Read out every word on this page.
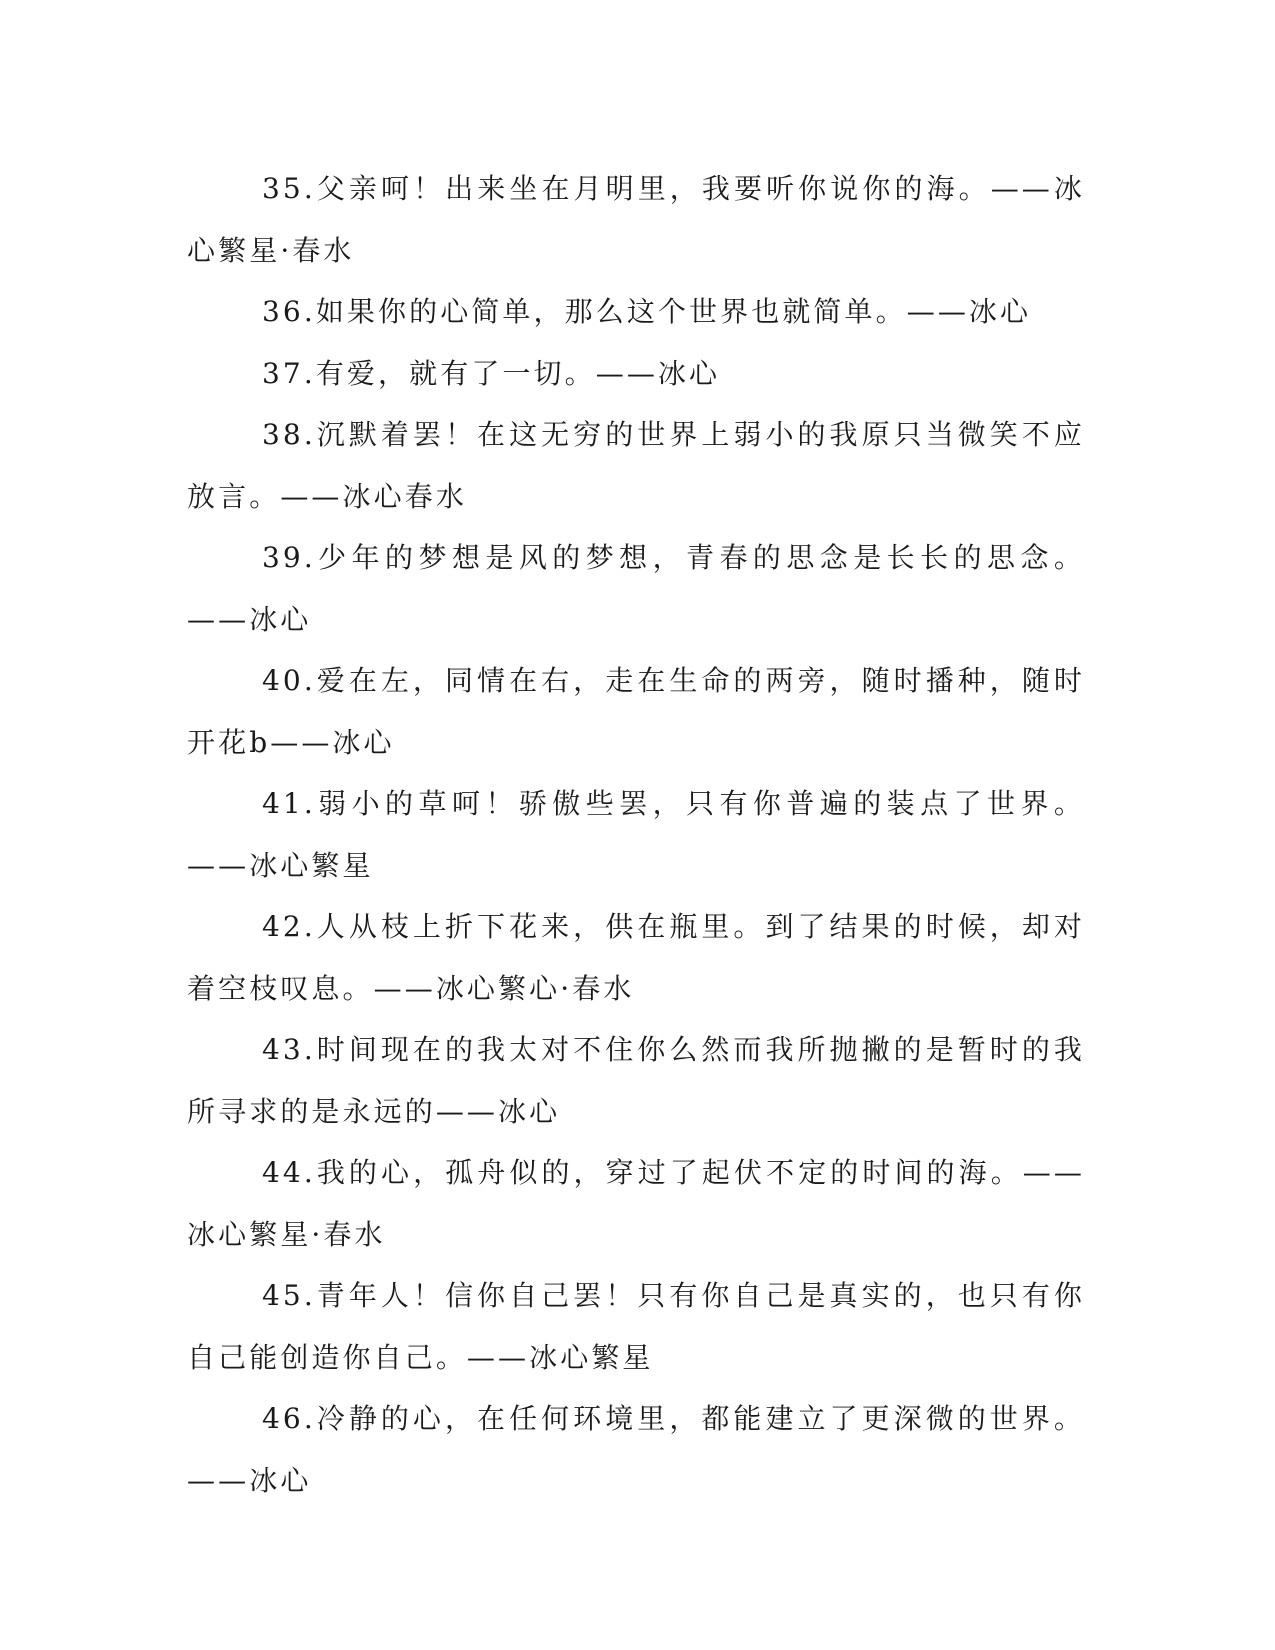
35.父亲呵！出来坐在月明里，我要听你说你的海。——冰心繁星·春水

36.如果你的心简单，那么这个世界也就简单。——冰心

37.有爱，就有了一切。——冰心

38.沉默着罢！在这无穷的世界上弱小的我原只当微笑不应放言。——冰心春水

39.少年的梦想是风的梦想，青春的思念是长长的思念。——冰心

40.爱在左，同情在右，走在生命的两旁，随时播种，随时开花b——冰心

41.弱小的草呵！骄傲些罢，只有你普遍的装点了世界。——冰心繁星

42.人从枝上折下花来，供在瓶里。到了结果的时候，却对着空枝叹息。——冰心繁心·春水

43.时间现在的我太对不住你么然而我所抛撇的是暂时的我所寻求的是永远的——冰心

44.我的心，孤舟似的，穿过了起伏不定的时间的海。——冰心繁星·春水

45.青年人！信你自己罢！只有你自己是真实的，也只有你自己能创造你自己。——冰心繁星

46.冷静的心，在任何环境里，都能建立了更深微的世界。——冰心
